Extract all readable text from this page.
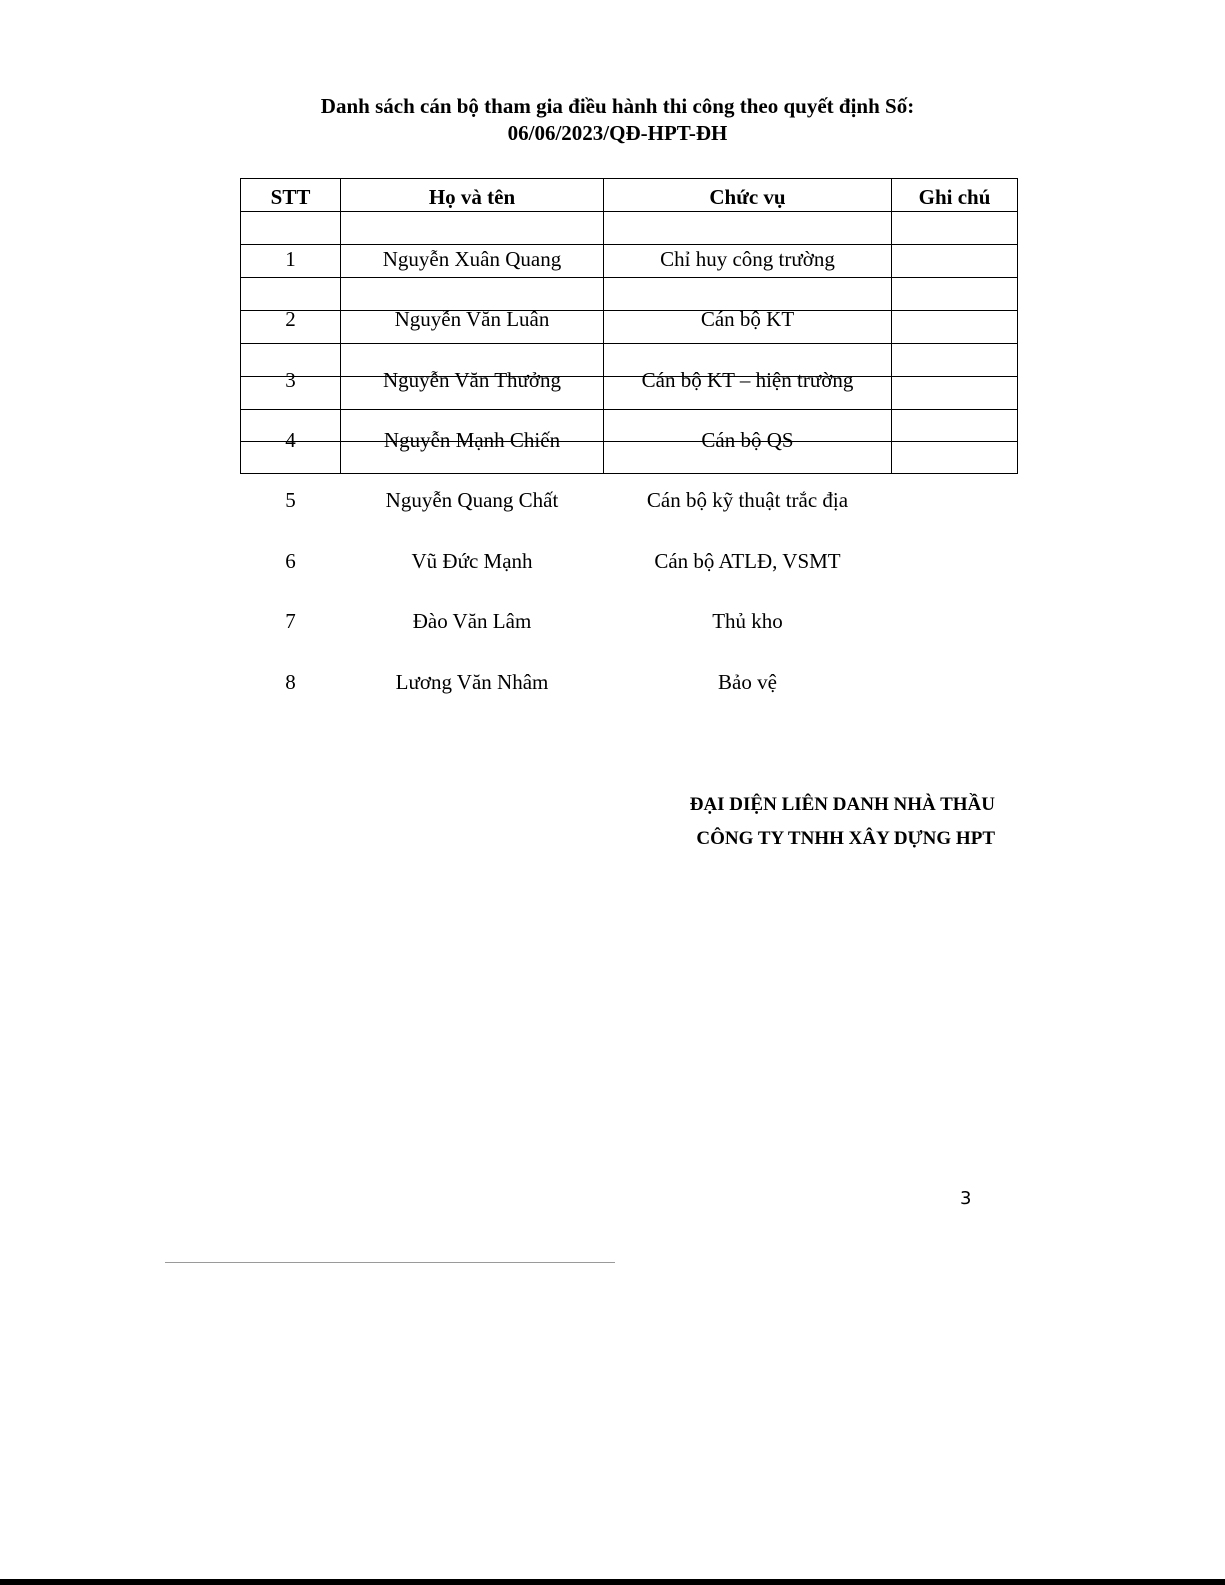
Danh sách cán bộ tham gia điều hành thi công theo quyết định Số:
06/06/2023/QĐ-HPT-ĐH
STT	Họ và tên	Chức vụ	Ghi chú
1	Nguyễn Xuân Quang	Chỉ huy công trường
2	Nguyễn Văn Luân	Cán bộ KT
3	Nguyễn Văn Thưởng	Cán bộ KT – hiện trường
4	Nguyễn Mạnh Chiến	Cán bộ QS
5	Nguyễn Quang Chất	Cán bộ kỹ thuật trắc địa
6	Vũ Đức Mạnh	Cán bộ ATLĐ, VSMT
7	Đào Văn Lâm	Thủ kho
8	Lương Văn Nhâm	Bảo vệ
ĐẠI DIỆN LIÊN DANH NHÀ THẦU
CÔNG TY TNHH XÂY DỰNG HPT
3
